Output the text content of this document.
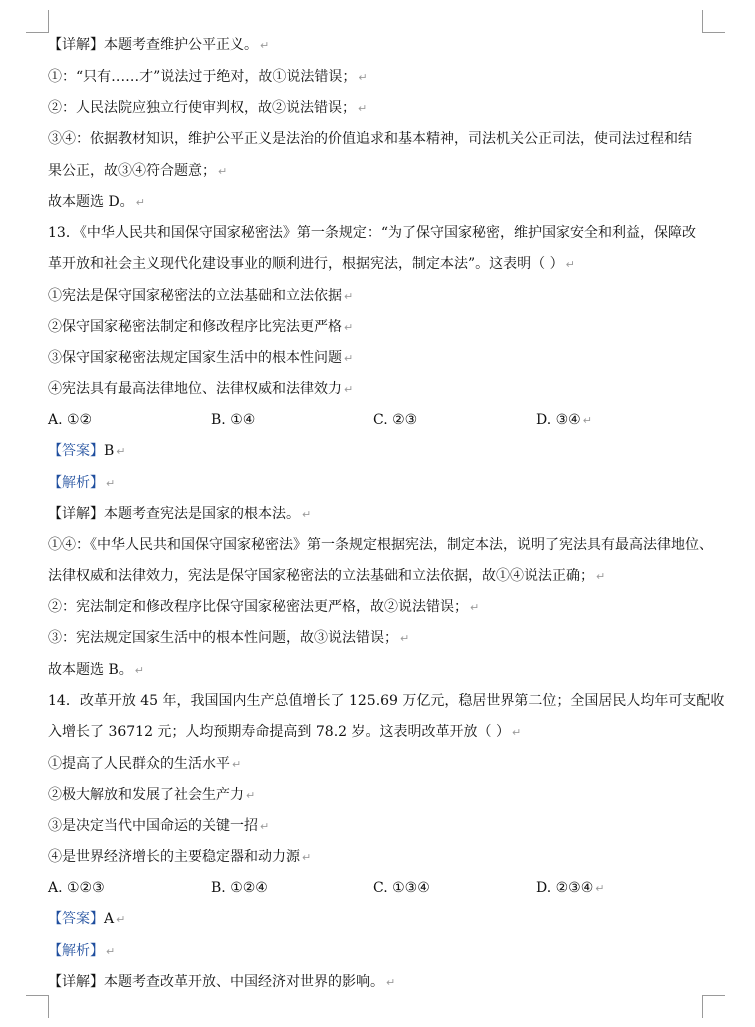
【详解】本题考查维护公平正义。 ↵
①：“只有……才”说法过于绝对，故①说法错误； ↵
②：人民法院应独立行使审判权，故②说法错误； ↵
③④：依据教材知识，维护公平正义是法治的价值追求和基本精神，司法机关公正司法，使司法过程和结
果公正，故③④符合题意； ↵
故本题选 D。 ↵
13．《中华人民共和国保守国家秘密法》第一条规定：“为了保守国家秘密，维护国家安全和利益，保障改
革开放和社会主义现代化建设事业的顺利进行，根据宪法，制定本法”。这表明（ ） ↵
①宪法是保守国家秘密法的立法基础和立法依据 ↵
②保守国家秘密法制定和修改程序比宪法更严格 ↵
③保守国家秘密法规定国家生活中的根本性问题 ↵
④宪法具有最高法律地位、法律权威和法律效力 ↵
A. ①②	B. ①④	C. ②③	D. ③④ ↵
【答案】B ↵
【解析】 ↵
【详解】本题考查宪法是国家的根本法。 ↵
①④：《中华人民共和国保守国家秘密法》第一条规定根据宪法，制定本法，说明了宪法具有最高法律地位、
法律权威和法律效力，宪法是保守国家秘密法的立法基础和立法依据，故①④说法正确； ↵
②：宪法制定和修改程序比保守国家秘密法更严格，故②说法错误； ↵
③：宪法规定国家生活中的根本性问题，故③说法错误； ↵
故本题选 B。 ↵
14．改革开放 45 年，我国国内生产总值增长了 125.69 万亿元，稳居世界第二位；全国居民人均年可支配收
入增长了 36712 元；人均预期寿命提高到 78.2 岁。这表明改革开放（ ） ↵
①提高了人民群众的生活水平 ↵
②极大解放和发展了社会生产力 ↵
③是决定当代中国命运的关键一招 ↵
④是世界经济增长的主要稳定器和动力源 ↵
A. ①②③	B. ①②④	C. ①③④	D. ②③④ ↵
【答案】A ↵
【解析】 ↵
【详解】本题考查改革开放、中国经济对世界的影响。 ↵
